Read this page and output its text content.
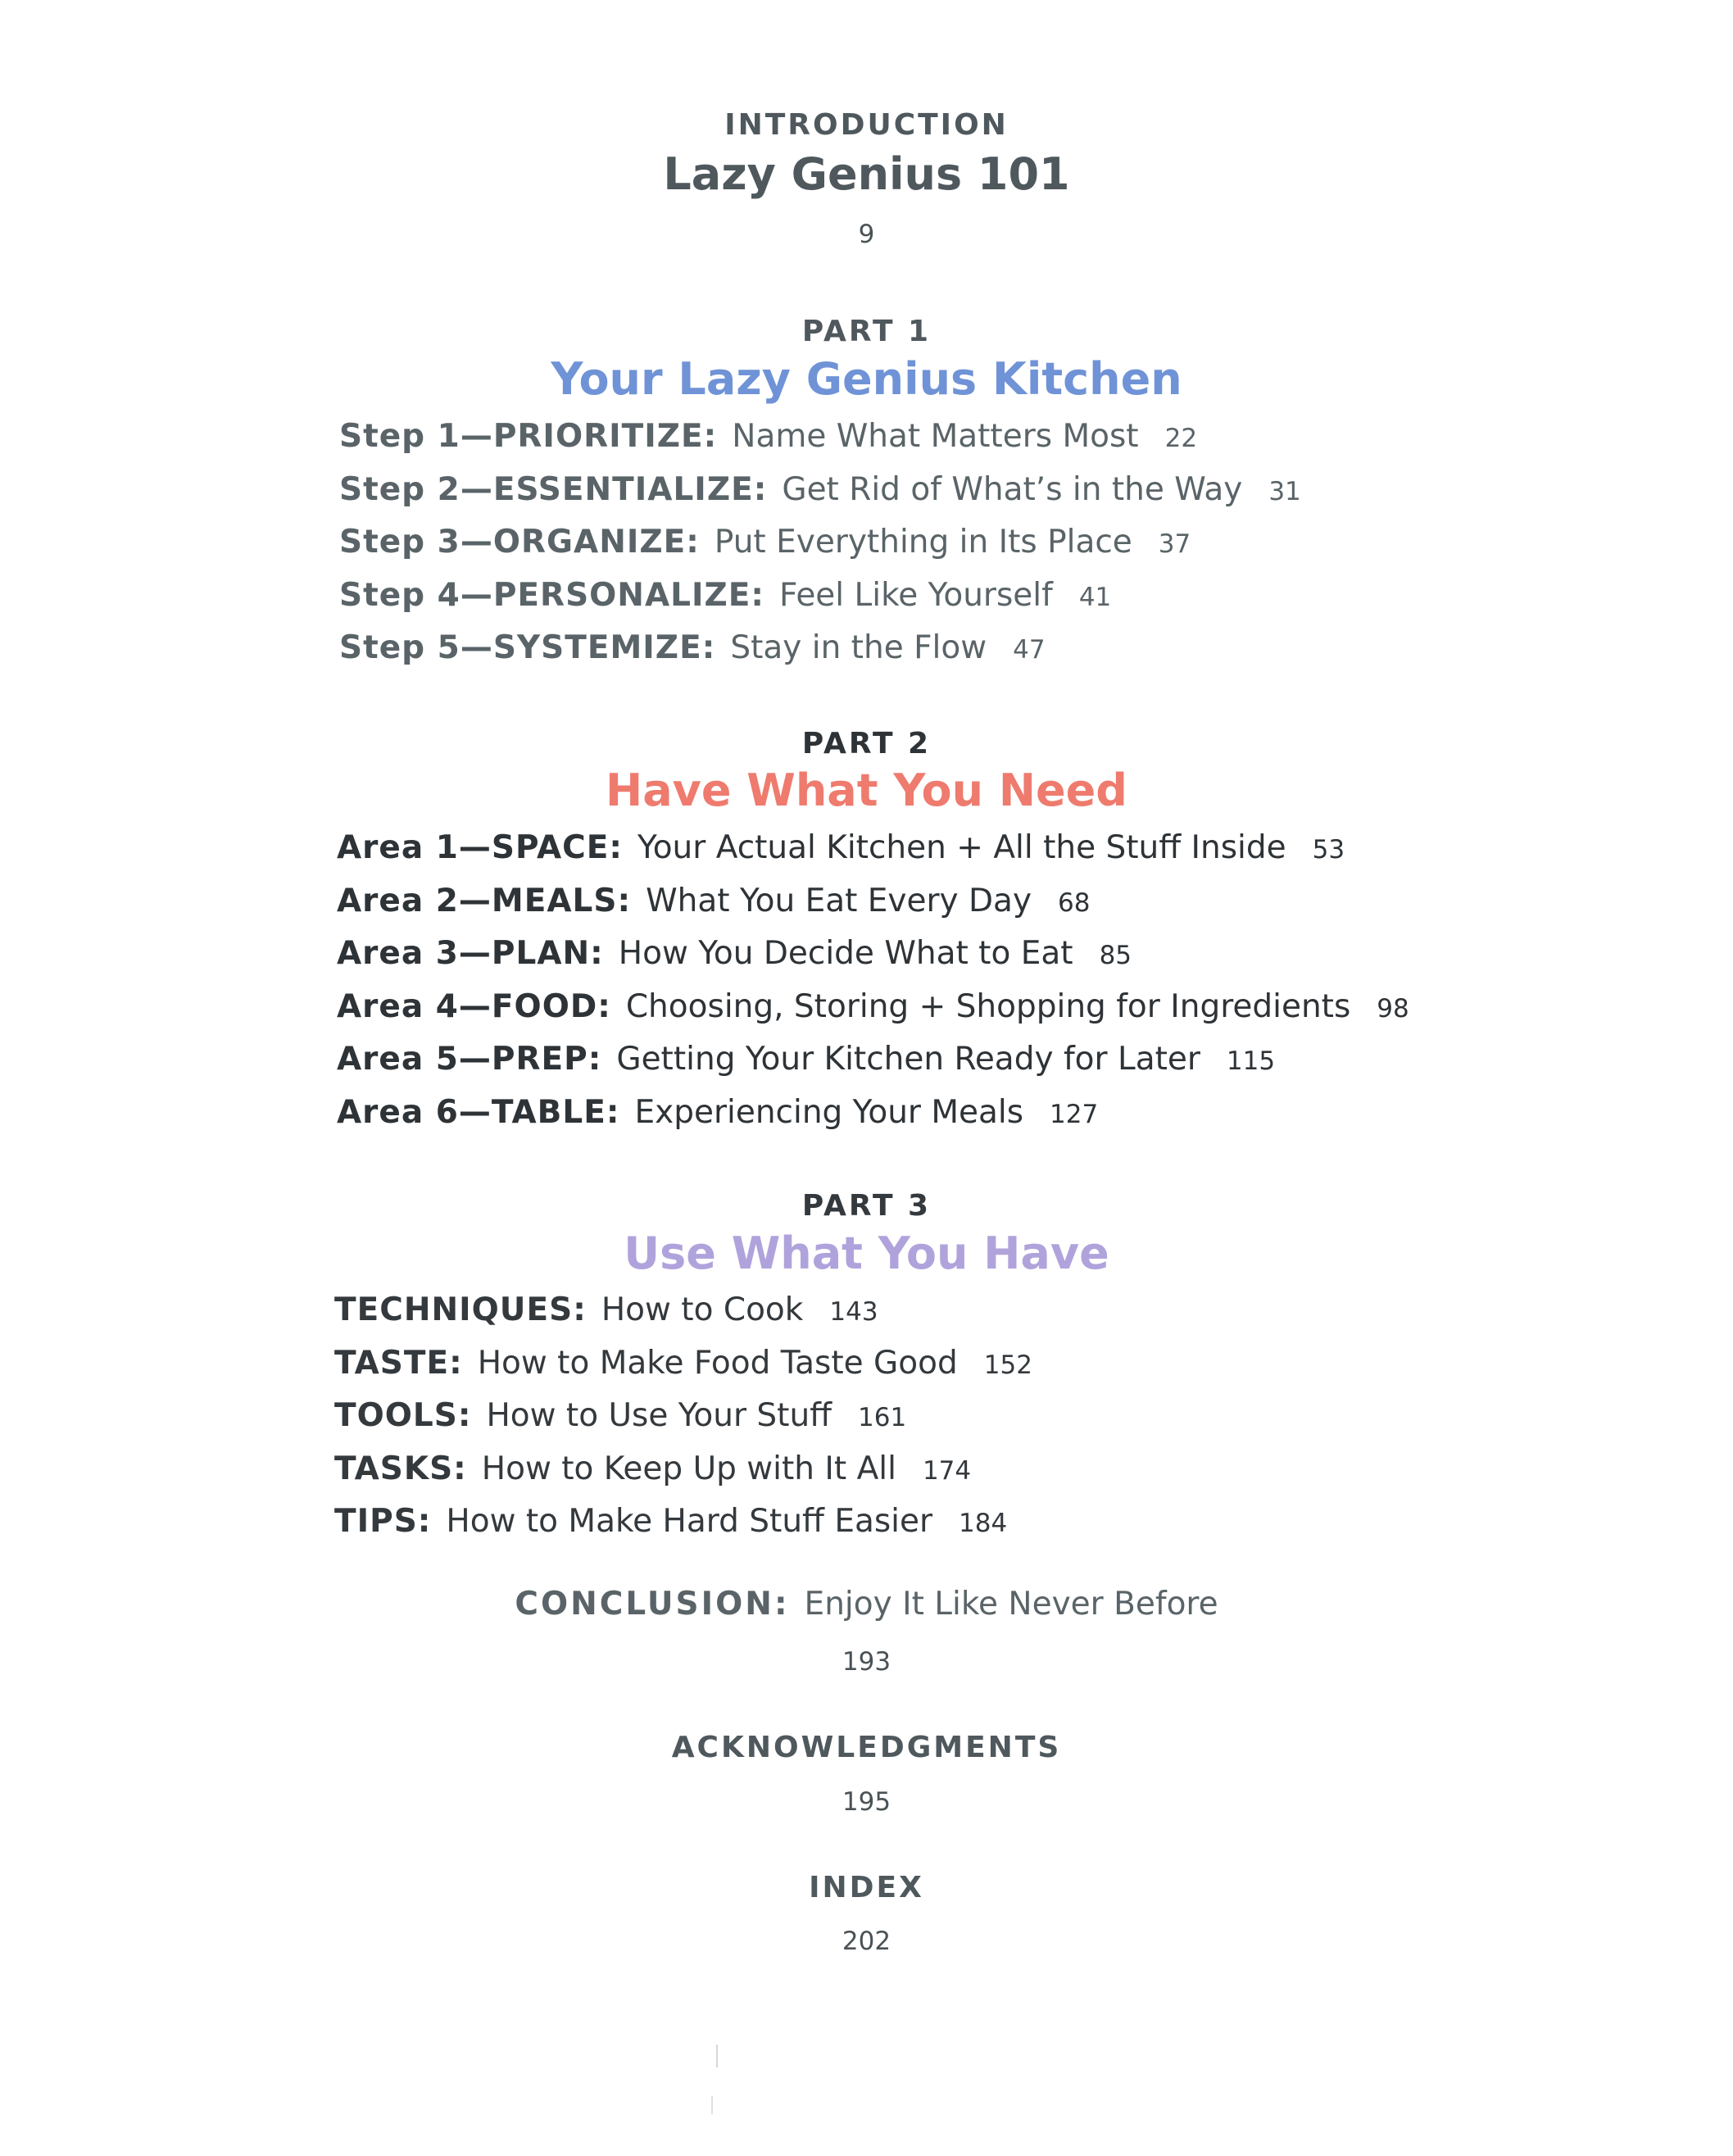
INTRODUCTION
Lazy Genius 101
9
PART 1
Your Lazy Genius Kitchen
Step 1—PRIORITIZE: Name What Matters Most 22
Step 2—ESSENTIALIZE: Get Rid of What’s in the Way 31
Step 3—ORGANIZE: Put Everything in Its Place 37
Step 4—PERSONALIZE: Feel Like Yourself 41
Step 5—SYSTEMIZE: Stay in the Flow 47
PART 2
Have What You Need
Area 1—SPACE: Your Actual Kitchen + All the Stuff Inside 53
Area 2—MEALS: What You Eat Every Day 68
Area 3—PLAN: How You Decide What to Eat 85
Area 4—FOOD: Choosing, Storing + Shopping for Ingredients 98
Area 5—PREP: Getting Your Kitchen Ready for Later 115
Area 6—TABLE: Experiencing Your Meals 127
PART 3
Use What You Have
TECHNIQUES: How to Cook 143
TASTE: How to Make Food Taste Good 152
TOOLS: How to Use Your Stuff 161
TASKS: How to Keep Up with It All 174
TIPS: How to Make Hard Stuff Easier 184
CONCLUSION: Enjoy It Like Never Before
193
ACKNOWLEDGMENTS
195
INDEX
202
